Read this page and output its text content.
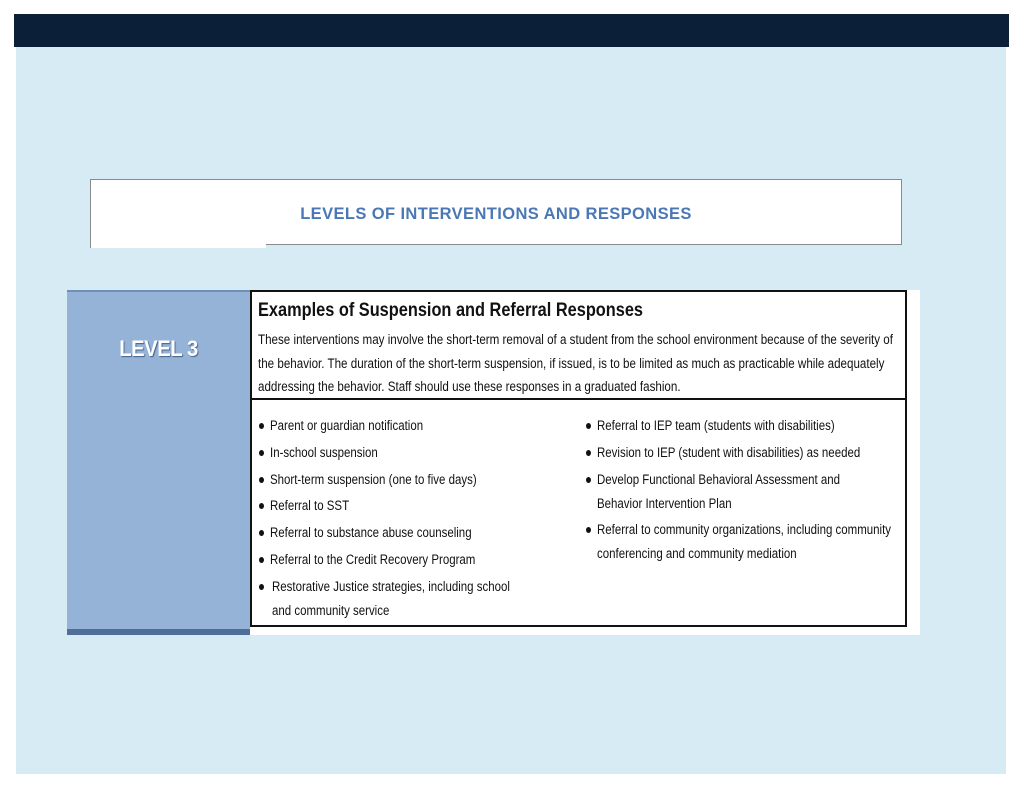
LEVELS OF INTERVENTIONS AND RESPONSES
LEVEL 3
Examples of Suspension and Referral Responses
These interventions may involve the short-term removal of a student from the school environment because of the severity of the behavior. The duration of the short-term suspension, if issued, is to be limited as much as practicable while adequately addressing the behavior. Staff should use these responses in a graduated fashion.
Parent or guardian notification
In-school suspension
Short-term suspension (one to five days)
Referral to SST
Referral to substance abuse counseling
Referral to the Credit Recovery Program
Restorative Justice strategies, including school and community service
Referral to IEP team (students with disabilities)
Revision to IEP (student with disabilities) as needed
Develop Functional Behavioral Assessment and Behavior Intervention Plan
Referral to community organizations, including community conferencing and community mediation
